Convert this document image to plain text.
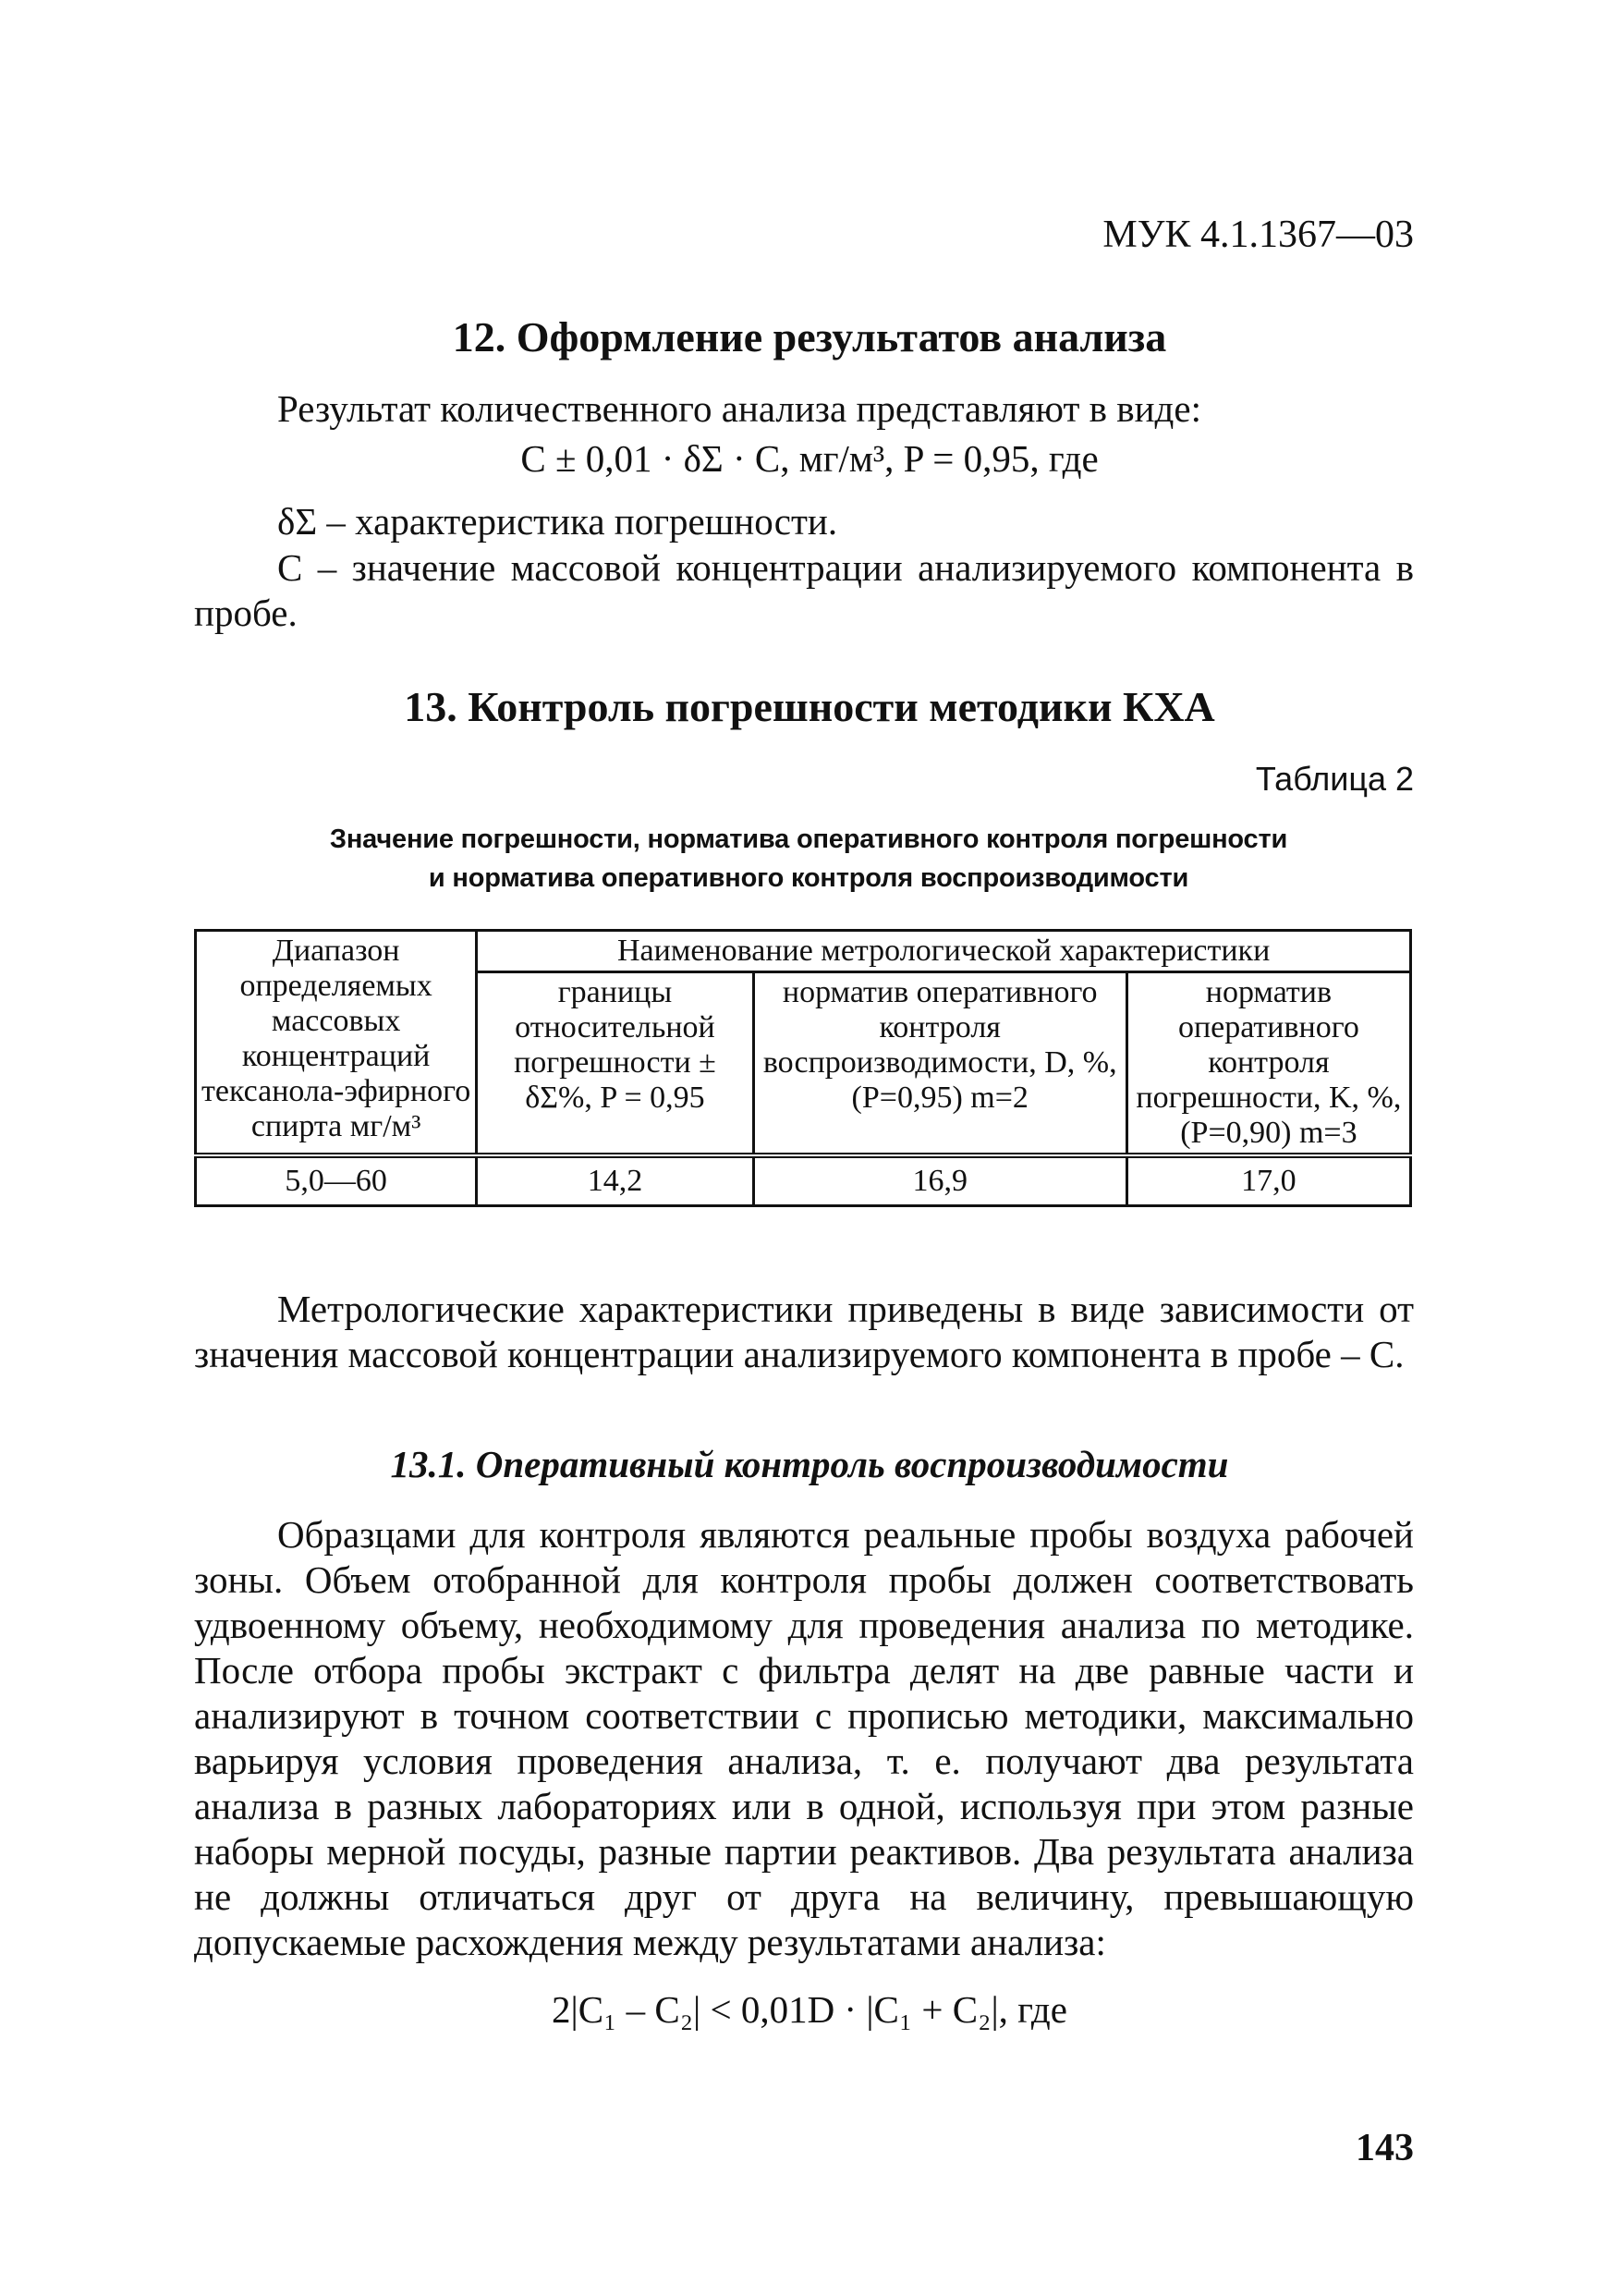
МУК 4.1.1367—03
12. Оформление результатов анализа
Результат количественного анализа представляют в виде:
C ± 0,01 · δΣ · C, мг/м³, P = 0,95, где
δΣ – характеристика погрешности.
C – значение массовой концентрации анализируемого компонента в пробе.
13. Контроль погрешности методики КХА
Таблица 2
Значение погрешности, норматива оперативного контроля погрешности
и норматива оперативного контроля воспроизводимости
Диапазон определяемых массовых концентраций тексанола-эфирного спирта мг/м³	Наименование метрологической характеристики		
	границы относительной погрешности ± δΣ%, P = 0,95	норматив оперативного контроля воспроизводимости, D, %, (P=0,95) m=2	норматив оперативного контроля погрешности, K, %, (P=0,90) m=3
5,0—60	14,2	16,9	17,0
Метрологические характеристики приведены в виде зависимости от значения массовой концентрации анализируемого компонента в пробе – C.
13.1. Оперативный контроль воспроизводимости
Образцами для контроля являются реальные пробы воздуха рабочей зоны. Объем отобранной для контроля пробы должен соответствовать удвоенному объему, необходимому для проведения анализа по методике. После отбора пробы экстракт с фильтра делят на две равные части и анализируют в точном соответствии с прописью методики, максимально варьируя условия проведения анализа, т. е. получают два результата анализа в разных лабораториях или в одной, используя при этом разные наборы мерной посуды, разные партии реактивов. Два результата анализа не должны отличаться друг от друга на величину, превышающую допускаемые расхождения между результатами анализа:
2|C₁ – C₂| < 0,01D · |C₁ + C₂|, где
143
